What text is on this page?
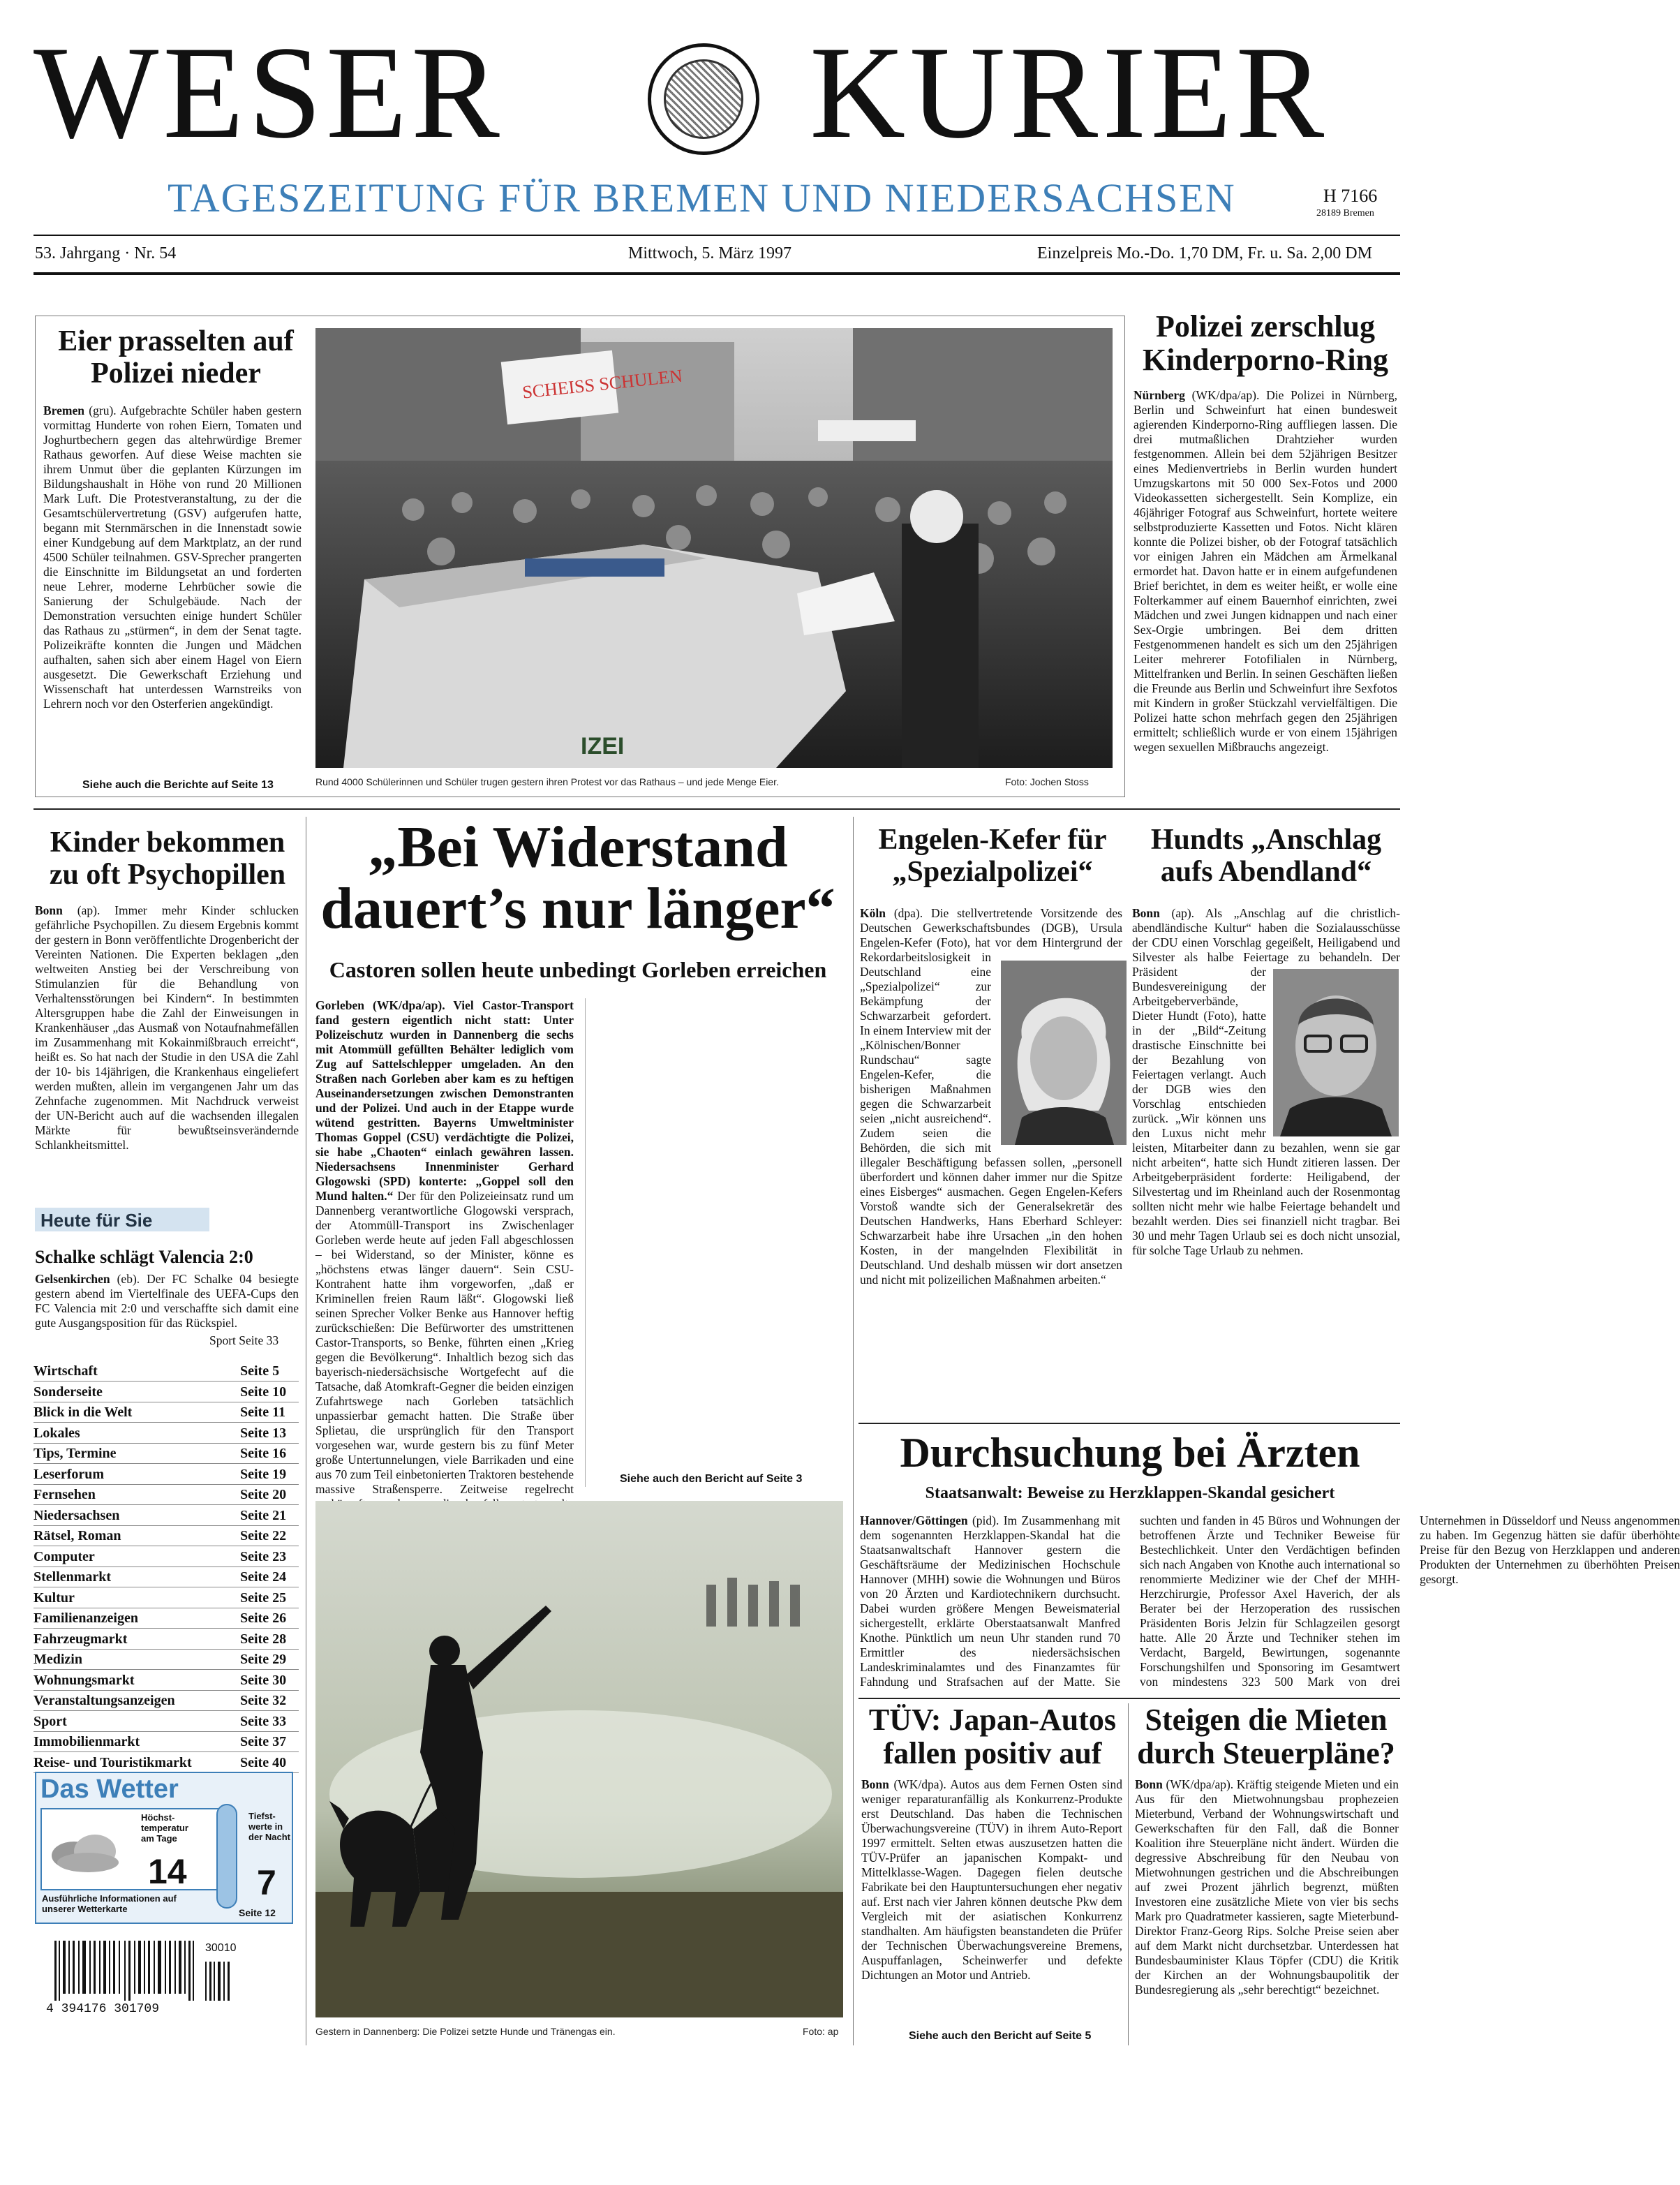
WESER KURIER
TAGESZEITUNG FÜR BREMEN UND NIEDERSACHSEN	H 7166
28189 Bremen
53. Jahrgang · Nr. 54	Mittwoch, 5. März 1997	Einzelpreis Mo.-Do. 1,70 DM, Fr. u. Sa. 2,00 DM
Eier prasselten auf Polizei nieder
Bremen (gru). Aufgebrachte Schüler haben gestern vormittag Hunderte von rohen Eiern, Tomaten und Joghurtbechern gegen das altehrwürdige Bremer Rathaus geworfen. Auf diese Weise machten sie ihrem Unmut über die geplanten Kürzungen im Bildungshaushalt in Höhe von rund 20 Millionen Mark Luft. Die Protestveranstaltung, zu der die Gesamtschülervertretung (GSV) aufgerufen hatte, begann mit Sternmärschen in die Innenstadt sowie einer Kundgebung auf dem Marktplatz, an der rund 4500 Schüler teilnahmen. GSV-Sprecher prangerten die Einschnitte im Bildungsetat an und forderten neue Lehrer, moderne Lehrbücher sowie die Sanierung der Schulgebäude. Nach der Demonstration versuchten einige hundert Schüler das Rathaus zu „stürmen“, in dem der Senat tagte. Polizeikräfte konnten die Jungen und Mädchen aufhalten, sahen sich aber einem Hagel von Eiern ausgesetzt. Die Gewerkschaft Erziehung und Wissenschaft hat unterdessen Warnstreiks von Lehrern noch vor den Osterferien angekündigt.
Siehe auch die Berichte auf Seite 13
SCHEISS SCHULEN
IZEI
Rund 4000 Schülerinnen und Schüler trugen gestern ihren Protest vor das Rathaus – und jede Menge Eier.	Foto: Jochen Stoss
Polizei zerschlug Kinderporno-Ring
Nürnberg (WK/dpa/ap). Die Polizei in Nürnberg, Berlin und Schweinfurt hat einen bundesweit agierenden Kinderporno-Ring auffliegen lassen. Die drei mutmaßlichen Drahtzieher wurden festgenommen. Allein bei dem 52jährigen Besitzer eines Medienvertriebs in Berlin wurden hundert Umzugskartons mit 50 000 Sex-Fotos und 2000 Videokassetten sichergestellt. Sein Komplize, ein 46jähriger Fotograf aus Schweinfurt, hortete weitere selbstproduzierte Kassetten und Fotos. Nicht klären konnte die Polizei bisher, ob der Fotograf tatsächlich vor einigen Jahren ein Mädchen am Ärmelkanal ermordet hat. Davon hatte er in einem aufgefundenen Brief berichtet, in dem es weiter heißt, er wolle eine Folterkammer auf einem Bauernhof einrichten, zwei Mädchen und zwei Jungen kidnappen und nach einer Sex-Orgie umbringen. Bei dem dritten Festgenommenen handelt es sich um den 25jährigen Leiter mehrerer Fotofilialen in Nürnberg, Mittelfranken und Berlin. In seinen Geschäften ließen die Freunde aus Berlin und Schweinfurt ihre Sexfotos mit Kindern in großer Stückzahl vervielfältigen. Die Polizei hatte schon mehrfach gegen den 25jährigen ermittelt; schließlich wurde er von einem 15jährigen wegen sexuellen Mißbrauchs angezeigt.
Kinder bekommen zu oft Psychopillen
Bonn (ap). Immer mehr Kinder schlucken gefährliche Psychopillen. Zu diesem Ergebnis kommt der gestern in Bonn veröffentlichte Drogenbericht der Vereinten Nationen. Die Experten beklagen „den weltweiten Anstieg bei der Verschreibung von Stimulanzien für die Behandlung von Verhaltensstörungen bei Kindern“. In bestimmten Altersgruppen habe die Zahl der Einweisungen in Krankenhäuser „das Ausmaß von Notaufnahmefällen im Zusammenhang mit Kokainmißbrauch erreicht“, heißt es. So hat nach der Studie in den USA die Zahl der 10- bis 14jährigen, die Krankenhaus eingeliefert werden mußten, allein im vergangenen Jahr um das Zehnfache zugenommen. Mit Nachdruck verweist der UN-Bericht auch auf die wachsenden illegalen Märkte für bewußtseinsverändernde Schlankheitsmittel.
Heute für Sie
Schalke schlägt Valencia 2:0
Gelsenkirchen (eb). Der FC Schalke 04 besiegte gestern abend im Viertelfinale des UEFA-Cups den FC Valencia mit 2:0 und verschaffte sich damit eine gute Ausgangsposition für das Rückspiel.
Sport Seite 33
Wirtschaft	Seite 5
Sonderseite	Seite 10
Blick in die Welt	Seite 11
Lokales	Seite 13
Tips, Termine	Seite 16
Leserforum	Seite 19
Fernsehen	Seite 20
Niedersachsen	Seite 21
Rätsel, Roman	Seite 22
Computer	Seite 23
Stellenmarkt	Seite 24
Kultur	Seite 25
Familienanzeigen	Seite 26
Fahrzeugmarkt	Seite 28
Medizin	Seite 29
Wohnungsmarkt	Seite 30
Veranstaltungsanzeigen	Seite 32
Sport	Seite 33
Immobilienmarkt	Seite 37
Reise- und Touristikmarkt	Seite 40
Das Wetter
Höchst-temperatur am Tage
14
Tiefst-werte in der Nacht
7
Ausführliche Informationen auf unserer Wetterkarte	Seite 12
30010
4 394176 301709
„Bei Widerstand dauert’s nur länger“
Castoren sollen heute unbedingt Gorleben erreichen
Gorleben (WK/dpa/ap). Viel Castor-Transport fand gestern eigentlich nicht statt: Unter Polizeischutz wurden in Dannenberg die sechs mit Atommüll gefüllten Behälter lediglich vom Zug auf Sattelschlepper umgeladen. An den Straßen nach Gorleben aber kam es zu heftigen Auseinandersetzungen zwischen Demonstranten und der Polizei. Und auch in der Etappe wurde wütend gestritten. Bayerns Umweltminister Thomas Goppel (CSU) verdächtigte die Polizei, sie habe „Chaoten“ einlach gewähren lassen. Niedersachsens Innenminister Gerhard Glogowski (SPD) konterte: „Goppel soll den Mund halten.“ Der für den Polizeieinsatz rund um Dannenberg verantwortliche Glogowski versprach, der Atommüll-Transport ins Zwischenlager Gorleben werde heute auf jeden Fall abgeschlossen – bei Widerstand, so der Minister, könne es „höchstens etwas länger dauern“. Sein CSU-Kontrahent hatte ihm vorgeworfen, „daß er Kriminellen freien Raum läßt“. Glogowski ließ seinen Sprecher Volker Benke aus Hannover heftig zurückschießen: Die Befürworter des umstrittenen Castor-Transports, so Benke, führten einen „Krieg gegen die Bevölkerung“. Inhaltlich bezog sich das bayerisch-niedersächsische Wortgefecht auf die Tatsache, daß Atomkraft-Gegner die beiden einzigen Zufahrtswege nach Gorleben tatsächlich unpassierbar gemacht hatten. Die Straße über Splietau, die ursprünglich für den Transport vorgesehen war, wurde gestern bis zu fünf Meter große Untertunnelungen, viele Barrikaden und eine aus 70 zum Teil einbetonierten Traktoren bestehende massive Straßensperre. Zeitweise regelrecht
Siehe auch den Bericht auf Seite 3
Gestern in Dannenberg: Die Polizei setzte Hunde und Tränengas ein.	Foto: ap
Engelen-Kefer für „Spezialpolizei“
Köln (dpa). Die stellvertretende Vorsitzende des Deutschen Gewerkschaftsbundes (DGB), Ursula Engelen-Kefer (Foto), hat vor dem Hintergrund der Rekordarbeitslosigkeit in Deutschland eine „Spezialpolizei“ zur Bekämpfung der Schwarzarbeit gefordert. In einem Interview mit der „Kölnischen/Bonner Rundschau“ sagte Engelen-Kefer, die bisherigen Maßnahmen gegen die Schwarzarbeit seien „nicht ausreichend“. Zudem seien die Behörden, die sich mit illegaler Beschäftigung befassen sollen, „personell überfordert und können daher immer nur die Spitze eines Eisberges“ ausmachen. Gegen Engelen-Kefers Vorstoß wandte sich der Generalsekretär des Deutschen Handwerks, Hans Eberhard Schleyer: Schwarzarbeit habe ihre Ursachen „in den hohen Kosten, in der mangelnden Flexibilität in Deutschland. Und deshalb müssen wir dort ansetzen und nicht mit polizeilichen Maßnahmen arbeiten.“
Hundts „Anschlag aufs Abendland“
Bonn (ap). Als „Anschlag auf die christlich-abendländische Kultur“ haben die Sozialausschüsse der CDU einen Vorschlag gegeißelt, Heiligabend und Silvester als halbe Feiertage zu behandeln. Der Präsident der Bundesvereinigung der Arbeitgeberverbände, Dieter Hundt (Foto), hatte in der „Bild“-Zeitung drastische Einschnitte bei der Bezahlung von Feiertagen verlangt. Auch der DGB wies den Vorschlag entschieden zurück. „Wir können uns den Luxus nicht mehr leisten, Mitarbeiter dann zu bezahlen, wenn sie gar nicht arbeiten“, hatte sich Hundt zitieren lassen. Der Arbeitgeberpräsident forderte: Heiligabend, der Silvestertag und im Rheinland auch der Rosenmontag sollten nicht mehr wie halbe Feiertage behandelt und bezahlt werden. Dies sei finanziell nicht tragbar. Bei 30 und mehr Tagen Urlaub sei es doch nicht unsozial, für solche Tage Urlaub zu nehmen.
Durchsuchung bei Ärzten
Staatsanwalt: Beweise zu Herzklappen-Skandal gesichert
Hannover/Göttingen (pid). Im Zusammenhang mit dem sogenannten Herzklappen-Skandal hat die Staatsanwaltschaft Hannover gestern die Geschäftsräume der Medizinischen Hochschule Hannover (MHH) sowie die Wohnungen und Büros von 20 Ärzten und Kardiotechnikern durchsucht. Dabei wurden größere Mengen Beweismaterial sichergestellt, erklärte Oberstaatsanwalt Manfred Knothe. Pünktlich um neun Uhr standen rund 70 Ermittler des niedersächsischen Landeskriminalamtes und des Finanzamtes für Fahndung und Strafsachen auf der Matte. Sie suchten und fanden in 45 Büros und Wohnungen der betroffenen Ärzte und Techniker Beweise für Bestechlichkeit. Unter den Verdächtigen befinden sich nach Angaben von Knothe auch international so renommierte Mediziner wie der Chef der MHH-Herzchirurgie, Professor Axel Haverich, der als Berater bei der Herzoperation des russischen Präsidenten Boris Jelzin für Schlagzeilen gesorgt hatte. Alle 20 Ärzte und Techniker stehen im Verdacht, Bargeld, Bewirtungen, sogenannte Forschungshilfen und Sponsoring im Gesamtwert von mindestens 323 500 Mark von drei Unternehmen in Düsseldorf und Neuss angenommen zu haben. Im Gegenzug hätten sie dafür überhöhte Preise für den Bezug von Herzklappen und anderen Produkten der Unternehmen zu überhöhten Preisen gesorgt.
TÜV: Japan-Autos fallen positiv auf
Bonn (WK/dpa). Autos aus dem Fernen Osten sind weniger reparaturanfällig als Konkurrenz-Produkte erst Deutschland. Das haben die Technischen Überwachungsvereine (TÜV) in ihrem Auto-Report 1997 ermittelt. Selten etwas auszusetzen hatten die TÜV-Prüfer an japanischen Kompakt- und Mittelklasse-Wagen. Dagegen fielen deutsche Fabrikate bei den Hauptuntersuchungen eher negativ auf. Erst nach vier Jahren können deutsche Pkw dem Vergleich mit der asiatischen Konkurrenz standhalten. Am häufigsten beanstandeten die Prüfer der Technischen Überwachungsvereine Bremens, Auspuffanlagen, Scheinwerfer und defekte Dichtungen an Motor und Antrieb.
Siehe auch den Bericht auf Seite 5
Steigen die Mieten durch Steuerpläne?
Bonn (WK/dpa/ap). Kräftig steigende Mieten und ein Aus für den Mietwohnungsbau prophezeien Mieterbund, Verband der Wohnungswirtschaft und Gewerkschaften für den Fall, daß die Bonner Koalition ihre Steuerpläne nicht ändert. Würden die degressive Abschreibung für den Neubau von Mietwohnungen gestrichen und die Abschreibungen auf zwei Prozent jährlich begrenzt, müßten Investoren eine zusätzliche Miete von vier bis sechs Mark pro Quadratmeter kassieren, sagte Mieterbund-Direktor Franz-Georg Rips. Solche Preise seien aber auf dem Markt nicht durchsetzbar. Unterdessen hat Bundesbauminister Klaus Töpfer (CDU) die Kritik der Kirchen an der Wohnungsbaupolitik der Bundesregierung als „sehr berechtigt“ bezeichnet.
